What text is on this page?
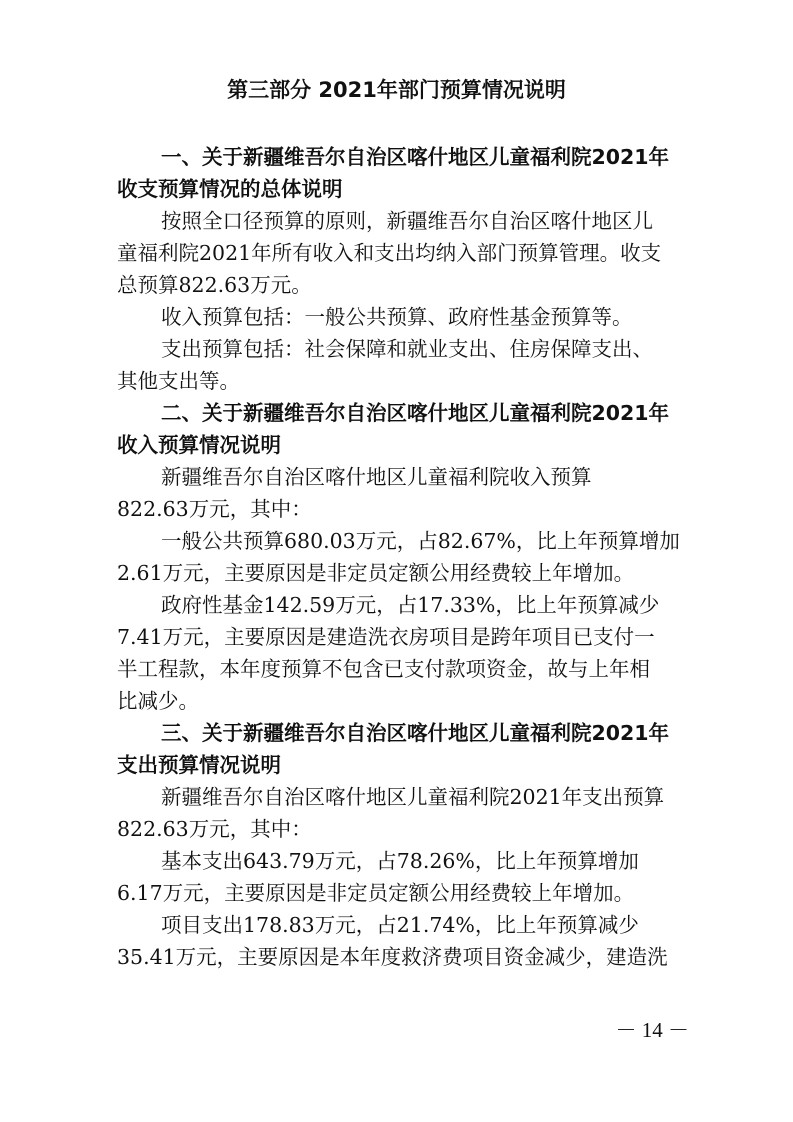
第三部分 2021年部门预算情况说明

一、关于新疆维吾尔自治区喀什地区儿童福利院2021年

收支预算情况的总体说明

按照全口径预算的原则，新疆维吾尔自治区喀什地区儿

童福利院2021年所有收入和支出均纳入部门预算管理。收支

总预算822.63万元。

收入预算包括：一般公共预算、政府性基金预算等。

支出预算包括：社会保障和就业支出、住房保障支出、

其他支出等。

二、关于新疆维吾尔自治区喀什地区儿童福利院2021年

收入预算情况说明

新疆维吾尔自治区喀什地区儿童福利院收入预算

822.63万元，其中：

一般公共预算680.03万元，占82.67%，比上年预算增加

2.61万元，主要原因是非定员定额公用经费较上年增加。

政府性基金142.59万元，占17.33%，比上年预算减少

7.41万元，主要原因是建造洗衣房项目是跨年项目已支付一

半工程款，本年度预算不包含已支付款项资金，故与上年相

比减少。

三、关于新疆维吾尔自治区喀什地区儿童福利院2021年

支出预算情况说明

新疆维吾尔自治区喀什地区儿童福利院2021年支出预算

822.63万元，其中：

基本支出643.79万元，占78.26%，比上年预算增加

6.17万元，主要原因是非定员定额公用经费较上年增加。

项目支出178.83万元，占21.74%，比上年预算减少

35.41万元，主要原因是本年度救济费项目资金减少，建造洗

－ 14 －
